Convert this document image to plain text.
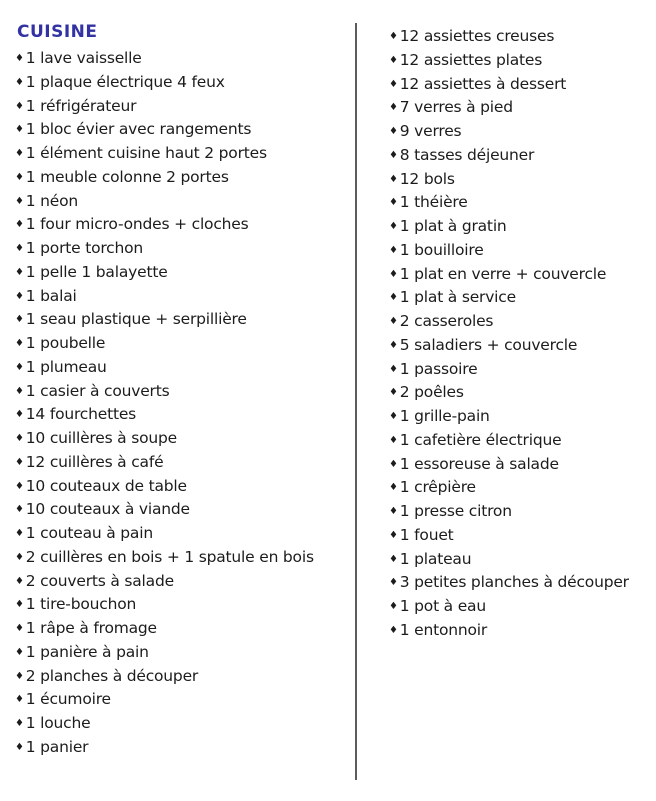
CUISINE
♦ 1 lave vaisselle
♦ 1 plaque électrique 4 feux
♦ 1 réfrigérateur
♦ 1 bloc évier avec rangements
♦ 1 élément cuisine haut 2 portes
♦ 1 meuble colonne 2 portes
♦ 1 néon
♦ 1 four micro-ondes + cloches
♦ 1 porte torchon
♦ 1 pelle 1 balayette
♦ 1 balai
♦ 1 seau plastique + serpillière
♦ 1 poubelle
♦ 1 plumeau
♦ 1 casier à couverts
♦ 14 fourchettes
♦ 10 cuillères à soupe
♦ 12 cuillères à café
♦ 10 couteaux de table
♦ 10 couteaux à viande
♦ 1 couteau à pain
♦ 2 cuillères en bois + 1 spatule en bois
♦ 2 couverts à salade
♦ 1 tire-bouchon
♦ 1 râpe à fromage
♦ 1 panière à pain
♦ 2 planches à découper
♦ 1 écumoire
♦ 1 louche
♦ 1 panier
♦ 12 assiettes creuses
♦ 12 assiettes plates
♦ 12 assiettes à dessert
♦ 7 verres à pied
♦ 9 verres
♦ 8 tasses déjeuner
♦ 12 bols
♦ 1 théière
♦ 1 plat à gratin
♦ 1 bouilloire
♦ 1 plat en verre + couvercle
♦ 1 plat à service
♦ 2 casseroles
♦ 5 saladiers + couvercle
♦ 1 passoire
♦ 2 poêles
♦ 1 grille-pain
♦ 1 cafetière électrique
♦ 1 essoreuse à salade
♦ 1 crêpière
♦ 1 presse citron
♦ 1 fouet
♦ 1 plateau
♦ 3 petites planches à découper
♦ 1 pot à eau
♦ 1 entonnoir
